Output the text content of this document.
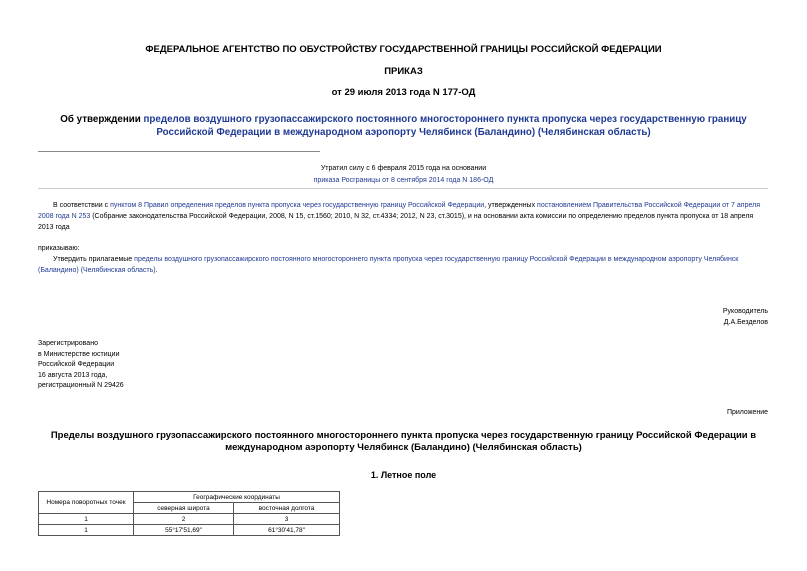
ФЕДЕРАЛЬНОЕ АГЕНТСТВО ПО ОБУСТРОЙСТВУ ГОСУДАРСТВЕННОЙ ГРАНИЦЫ РОССИЙСКОЙ ФЕДЕРАЦИИ
ПРИКАЗ
от 29 июля 2013 года N 177-ОД
Об утверждении пределов воздушного грузопассажирского постоянного многостороннего пункта пропуска через государственную границу Российской Федерации в международном аэропорту Челябинск (Баландино) (Челябинская область)
Утратил силу с 6 февраля 2015 года на основании
приказа Росграницы от 8 сентября 2014 года N 186-ОД
В соответствии с пунктом 8 Правил определения пределов пункта пропуска через государственную границу Российской Федерации, утвержденных постановлением Правительства Российской Федерации от 7 апреля 2008 года N 253 (Собрание законодательства Российской Федерации, 2008, N 15, ст.1560; 2010, N 32, ст.4334; 2012, N 23, ст.3015), и на основании акта комиссии по определению пределов пункта пропуска от 18 апреля 2013 года
приказываю:
Утвердить прилагаемые пределы воздушного грузопассажирского постоянного многостороннего пункта пропуска через государственную границу Российской Федерации в международном аэропорту Челябинск (Баландино) (Челябинская область).
Руководитель
Д.А.Безделов
Зарегистрировано
в Министерстве юстиции
Российской Федерации
16 августа 2013 года,
регистрационный N 29426
Приложение
Пределы воздушного грузопассажирского постоянного многостороннего пункта пропуска через государственную границу Российской Федерации в международном аэропорту Челябинск (Баландино) (Челябинская область)
1. Летное поле
Номера поворотных точек	Географические координаты	
	северная широта	восточная долгота
1	2	3
1	55°17'51,69"	61°30'41,78"
